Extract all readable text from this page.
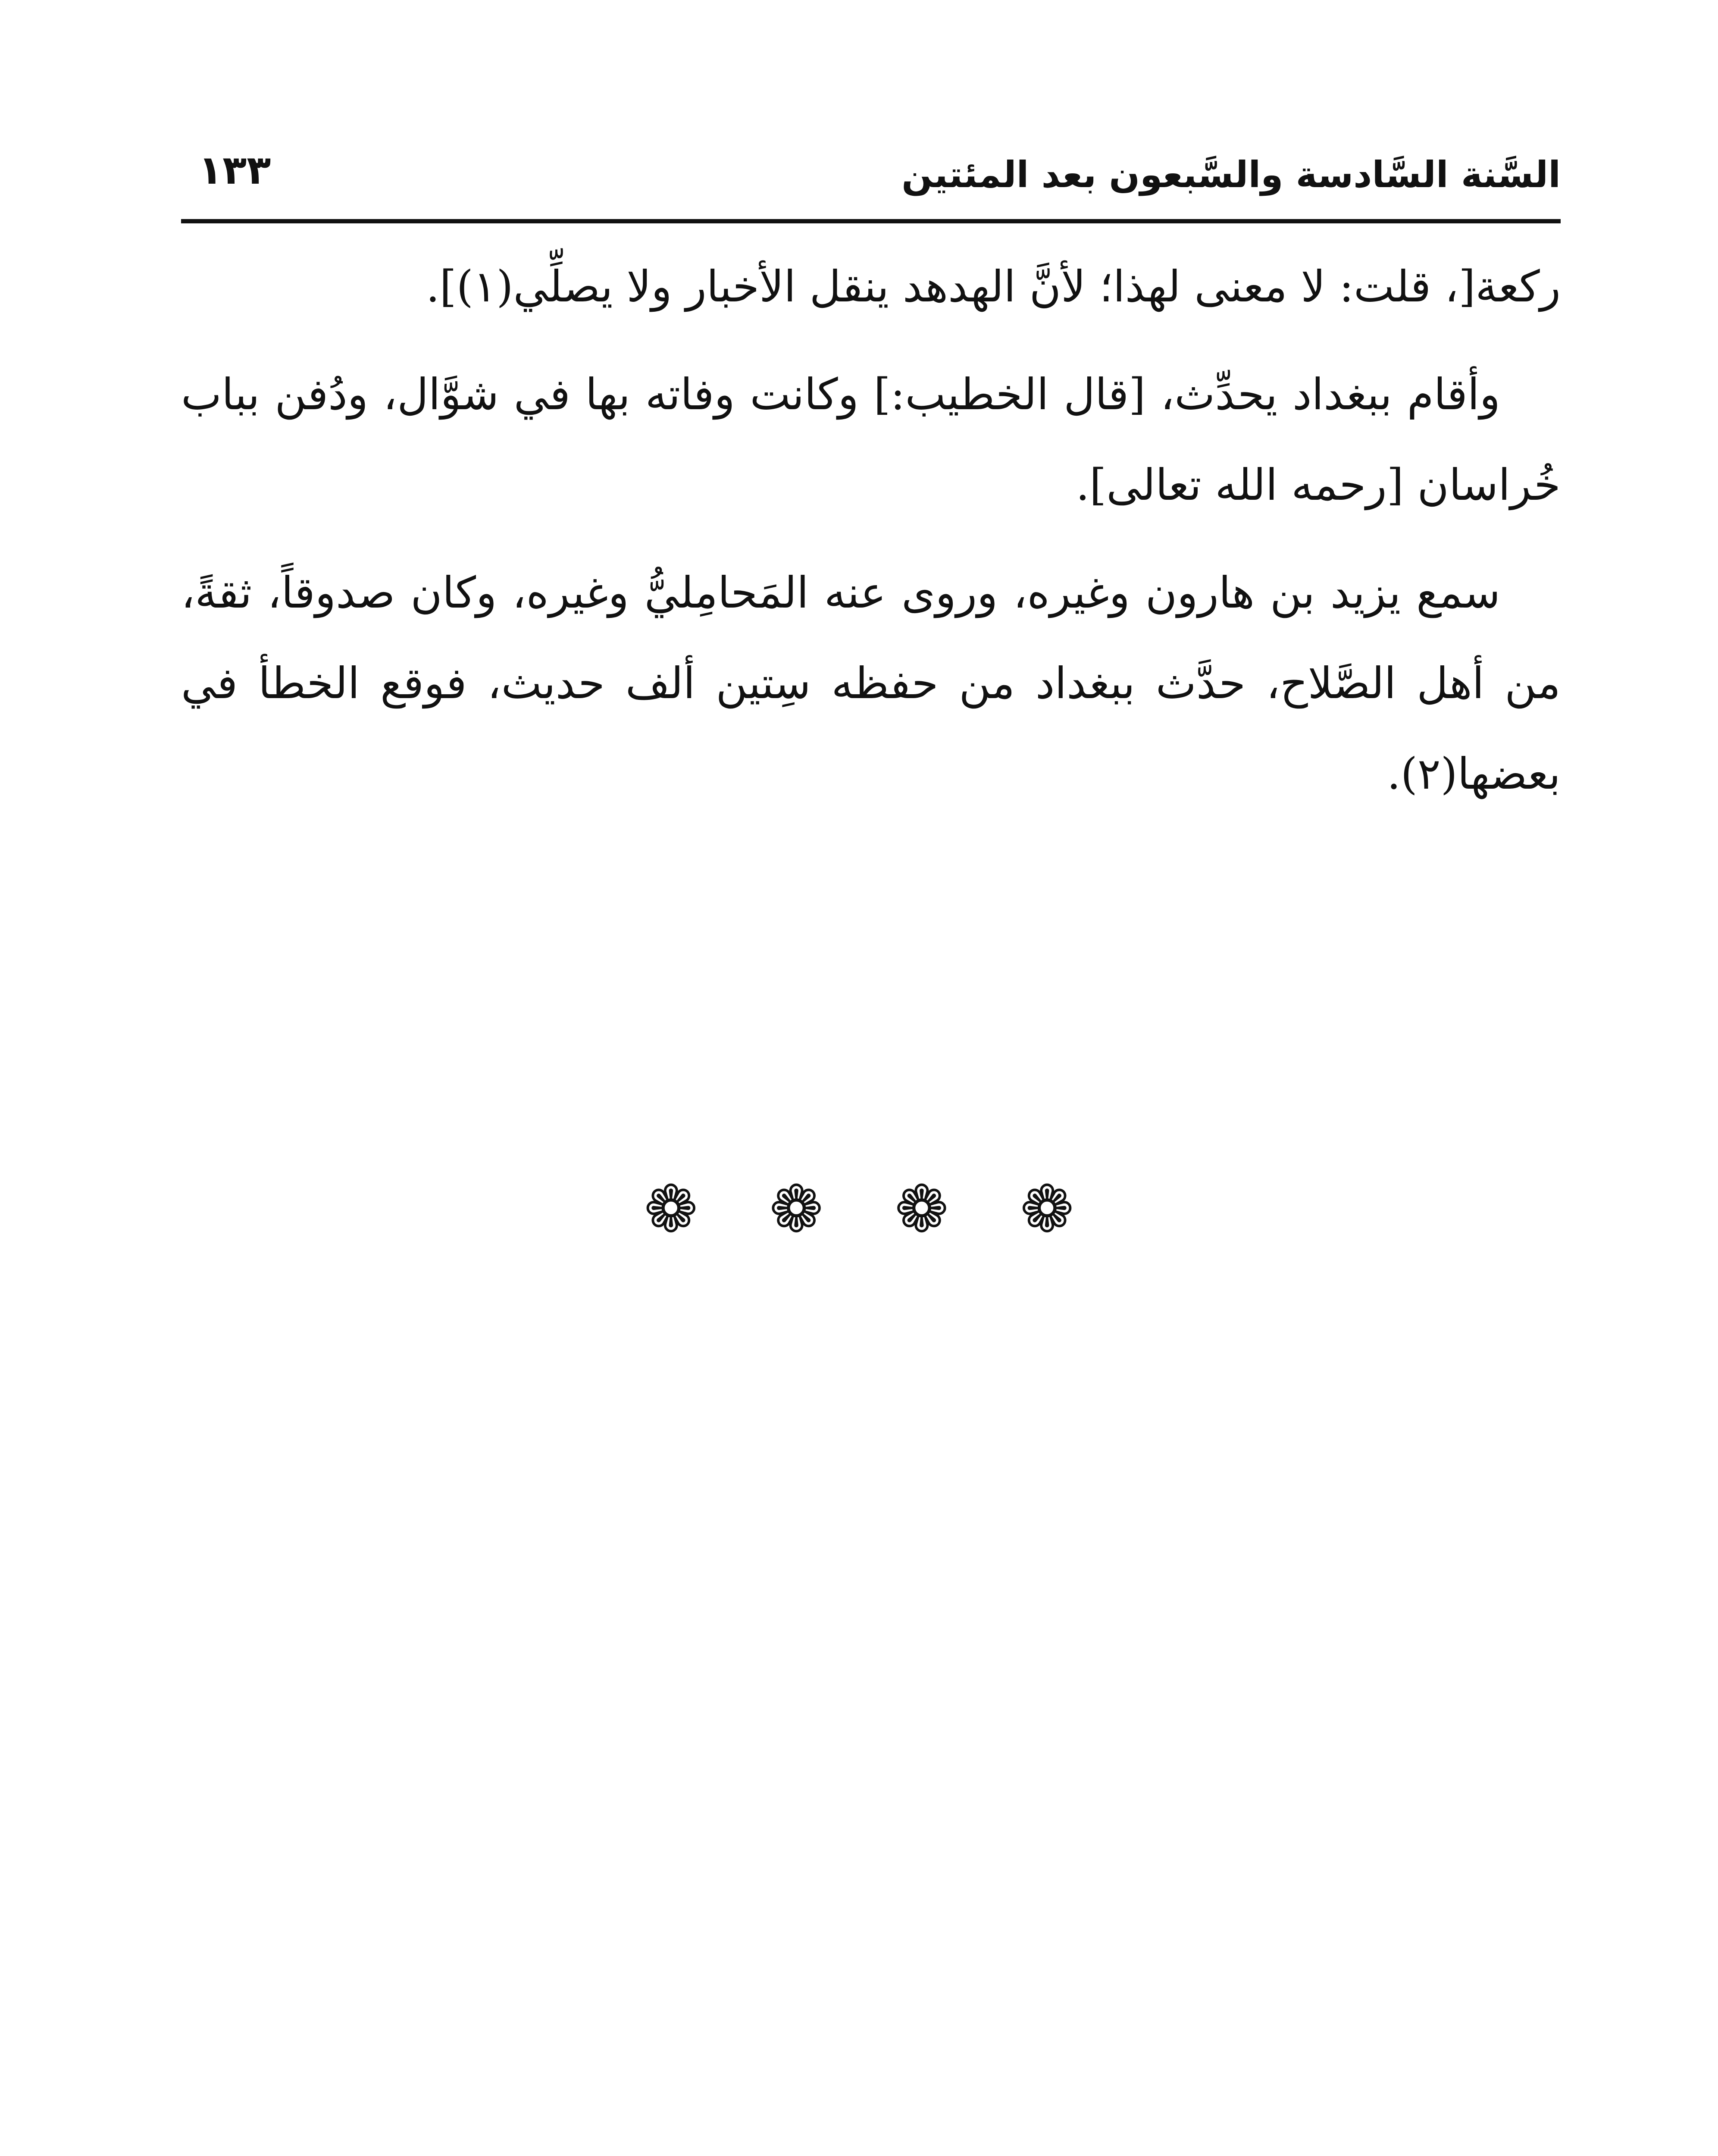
السَّنة السَّادسة والسَّبعون بعد المئتين
١٣٣

ركعة[، قلت: لا معنى لهذا؛ لأنَّ الهدهد ينقل الأخبار ولا يصلِّي(١)].

وأقام ببغداد يحدِّث، [قال الخطيب:] وكانت وفاته بها في شوَّال، ودُفن بباب خُراسان [رحمه الله تعالى].

سمع يزيد بن هارون وغيره، وروى عنه المَحامِليُّ وغيره، وكان صدوقاً، ثقةً، من أهل الصَّلاح، حدَّث ببغداد من حفظه سِتين ألف حديث، فوقع الخطأ في بعضها(٢).

❁ ❁ ❁ ❁
